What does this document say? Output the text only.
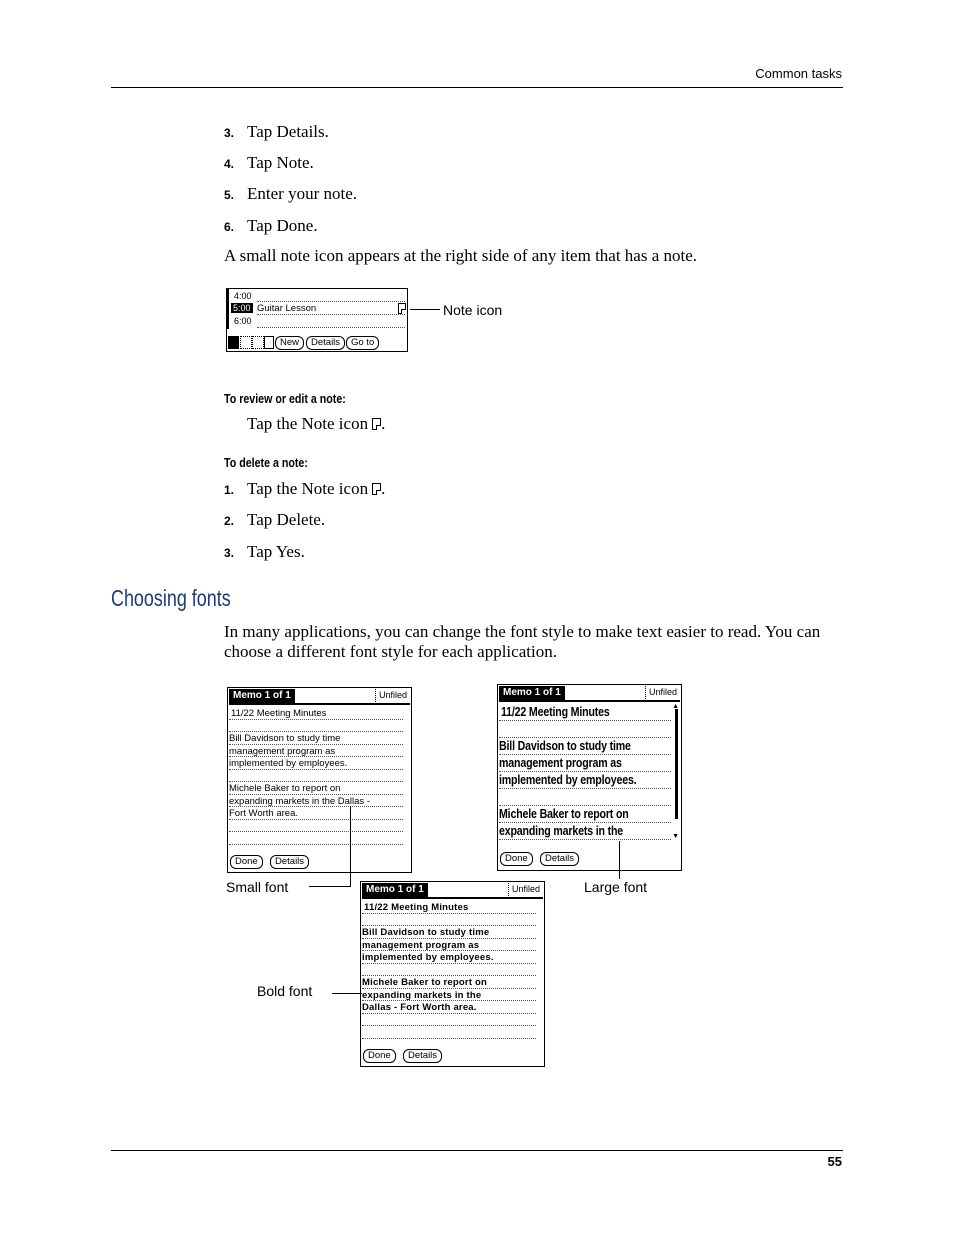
Common tasks
3. Tap Details.
4. Tap Note.
5. Enter your note.
6. Tap Done.
A small note icon appears at the right side of any item that has a note.
4:00
5:00 Guitar Lesson
6:00
New	Details	Go to
Note icon
To review or edit a note:
Tap the Note icon .
To delete a note:
1. Tap the Note icon .
2. Tap Delete.
3. Tap Yes.
Choosing fonts
In many applications, you can change the font style to make text easier to read. You can choose a different font style for each application.
Memo 1 of 1	Unfiled
11/22 Meeting Minutes
Bill Davidson to study time
management program as
implemented by employees.
Michele Baker to report on
expanding markets in the Dallas -
Fort Worth area.
Done	Details
Memo 1 of 1	Unfiled
11/22 Meeting Minutes
Bill Davidson to study time
management program as
implemented by employees.
Michele Baker to report on
expanding markets in the
▲
▼
Done	Details
Memo 1 of 1	Unfiled
11/22 Meeting Minutes
Bill Davidson to study time
management program as
implemented by employees.
Michele Baker to report on
expanding markets in the
Dallas - Fort Worth area.
Done	Details
Small font	Large font
Bold font
55
